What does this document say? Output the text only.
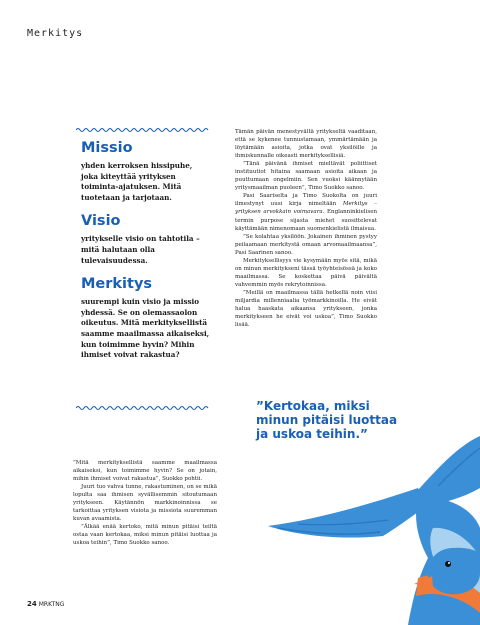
Merkitys
Missio

yhden kerroksen hissipuhe, joka kiteyttää yrityksen toiminta-ajatuksen. Mitä tuotetaan ja tarjotaan.

Visio

yritykselle visio on tahtotila – mitä halutaan olla tulevaisuudessa.

Merkitys

suurempi kuin visio ja missio yhdessä. Se on olemassaolon oikeutus. Mitä merkityksellistä saamme maailmassa aikaiseksi, kun toimimme hyvin? Mihin ihmiset voivat rakastua?

Tämän päivän menestyvältä yritykseltä vaaditaan, että se kykenee tunnustamaan, ymmärtämään ja löytämään asioita, jotka ovat yksilöille ja ihmiskunnalle oikeasti merkityksellisiä.

”Tänä päivänä ihmiset mieltävät poliittiset instituutiot hitaina saamaan asioita aikaan ja puuttumaan ongelmiin. Sen vuoksi käännytään yritysmaailman puoleen”, Timo Suokko sanoo.

Pasi Saariselta ja Timo Suokolta on juuri ilmestynyt uusi kirja nimeltään Merkitys – yrityksen arvokkain voimavara. Englanninkielisen termin purpose sijasta miehet suosittelevat käyttämään nimenomaan suomenkielistä ilmaisua.

”Se kolahtaa yksilöön. Jokainen ihminen pystyy peilaamaan merkitystä omaan arvomaailmaansa”, Pasi Saarinen sanoo.

Merkityksellisyys vie kysymään myös sitä, mikä on minun merkitykseni tässä työyhteisössä ja koko maailmassa. Se koskettaa päivä päivältä vahvemmin myös rekrytoinnissa.

”Meillä on maailmassa tällä hetkellä noin viisi miljardia millenniaalia työmarkkinoilla. He eivät halua haaskata aikaansa yritykseen, jonka merkitykseen he eivät voi uskoa”, Timo Suokko lisää.

”Kertokaa, miksi
minun pitäisi luottaa
ja uskoa teihin.”

”Mitä merkityksellistä saamme maailmassa aikaiseksi, kun toimimme hyvin? Se on jotain, mihin ihmiset voivat rakastua”, Suokko pohtii.

Juuri tuo vahva tunne, rakastuminen, on se mikä lopulta saa ihmisen syvällisemmin sitoutumaan yritykseen. Käytännön markkinoinnissa se tarkoittaa yrityksen visiota ja missiota suuremman kuvan avaamista.

”Älkää enää kertoko, mitä minun pitäisi teiltä ostaa vaan kertokaa, miksi minun pitäisi luottaa ja uskoa teihin”, Timo Suokko sanoo.

24 MRKTNG
